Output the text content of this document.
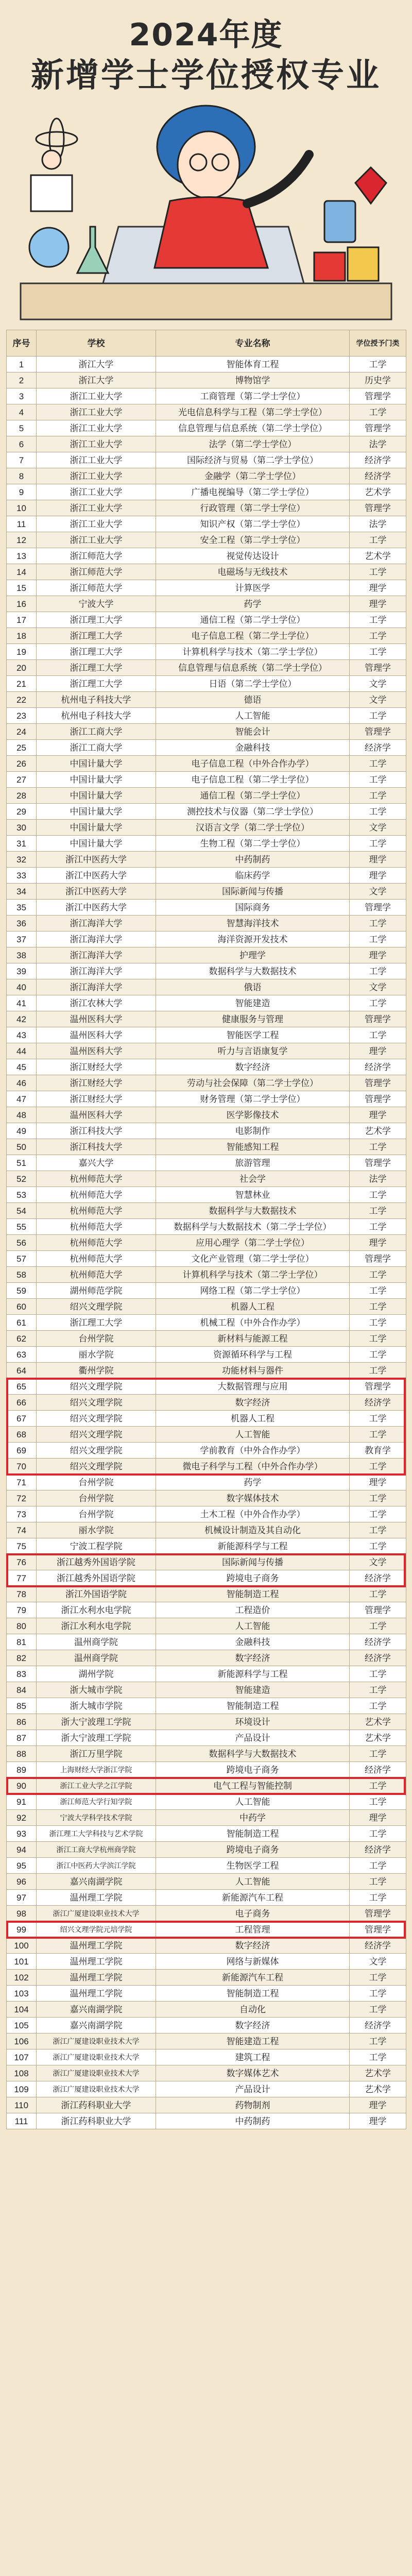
2024年度
新增学士学位授权专业
序号	学校	专业名称	学位授予门类
1	浙江大学	智能体育工程	工学
2	浙江大学	博物馆学	历史学
3	浙江工业大学	工商管理（第二学士学位）	管理学
4	浙江工业大学	光电信息科学与工程（第二学士学位）	工学
5	浙江工业大学	信息管理与信息系统（第二学士学位）	管理学
6	浙江工业大学	法学（第二学士学位）	法学
7	浙江工业大学	国际经济与贸易（第二学士学位）	经济学
8	浙江工业大学	金融学（第二学士学位）	经济学
9	浙江工业大学	广播电视编导（第二学士学位）	艺术学
10	浙江工业大学	行政管理（第二学士学位）	管理学
11	浙江工业大学	知识产权（第二学士学位）	法学
12	浙江工业大学	安全工程（第二学士学位）	工学
13	浙江师范大学	视觉传达设计	艺术学
14	浙江师范大学	电磁场与无线技术	工学
15	浙江师范大学	计算医学	理学
16	宁波大学	药学	理学
17	浙江理工大学	通信工程（第二学士学位）	工学
18	浙江理工大学	电子信息工程（第二学士学位）	工学
19	浙江理工大学	计算机科学与技术（第二学士学位）	工学
20	浙江理工大学	信息管理与信息系统（第二学士学位）	管理学
21	浙江理工大学	日语（第二学士学位）	文学
22	杭州电子科技大学	德语	文学
23	杭州电子科技大学	人工智能	工学
24	浙江工商大学	智能会计	管理学
25	浙江工商大学	金融科技	经济学
26	中国计量大学	电子信息工程（中外合作办学）	工学
27	中国计量大学	电子信息工程（第二学士学位）	工学
28	中国计量大学	通信工程（第二学士学位）	工学
29	中国计量大学	测控技术与仪器（第二学士学位）	工学
30	中国计量大学	汉语言文学（第二学士学位）	文学
31	中国计量大学	生物工程（第二学士学位）	工学
32	浙江中医药大学	中药制药	理学
33	浙江中医药大学	临床药学	理学
34	浙江中医药大学	国际新闻与传播	文学
35	浙江中医药大学	国际商务	管理学
36	浙江海洋大学	智慧海洋技术	工学
37	浙江海洋大学	海洋资源开发技术	工学
38	浙江海洋大学	护理学	理学
39	浙江海洋大学	数据科学与大数据技术	工学
40	浙江海洋大学	俄语	文学
41	浙江农林大学	智能建造	工学
42	温州医科大学	健康服务与管理	管理学
43	温州医科大学	智能医学工程	工学
44	温州医科大学	听力与言语康复学	理学
45	浙江财经大学	数字经济	经济学
46	浙江财经大学	劳动与社会保障（第二学士学位）	管理学
47	浙江财经大学	财务管理（第二学士学位）	管理学
48	温州医科大学	医学影像技术	理学
49	浙江科技大学	电影制作	艺术学
50	浙江科技大学	智能感知工程	工学
51	嘉兴大学	旅游管理	管理学
52	杭州师范大学	社会学	法学
53	杭州师范大学	智慧林业	工学
54	杭州师范大学	数据科学与大数据技术	工学
55	杭州师范大学	数据科学与大数据技术（第二学士学位）	工学
56	杭州师范大学	应用心理学（第二学士学位）	理学
57	杭州师范大学	文化产业管理（第二学士学位）	管理学
58	杭州师范大学	计算机科学与技术（第二学士学位）	工学
59	湖州师范学院	网络工程（第二学士学位）	工学
60	绍兴文理学院	机器人工程	工学
61	浙江理工大学	机械工程（中外合作办学）	工学
62	台州学院	新材料与能源工程	工学
63	丽水学院	资源循环科学与工程	工学
64	衢州学院	功能材料与器件	工学
65	绍兴文理学院	大数据管理与应用	管理学
66	绍兴文理学院	数字经济	经济学
67	绍兴文理学院	机器人工程	工学
68	绍兴文理学院	人工智能	工学
69	绍兴文理学院	学前教育（中外合作办学）	教育学
70	绍兴文理学院	微电子科学与工程（中外合作办学）	工学
71	台州学院	药学	理学
72	台州学院	数字媒体技术	工学
73	台州学院	土木工程（中外合作办学）	工学
74	丽水学院	机械设计制造及其自动化	工学
75	宁波工程学院	新能源科学与工程	工学
76	浙江越秀外国语学院	国际新闻与传播	文学
77	浙江越秀外国语学院	跨境电子商务	经济学
78	浙江外国语学院	智能制造工程	工学
79	浙江水利水电学院	工程造价	管理学
80	浙江水利水电学院	人工智能	工学
81	温州商学院	金融科技	经济学
82	温州商学院	数字经济	经济学
83	湖州学院	新能源科学与工程	工学
84	浙大城市学院	智能建造	工学
85	浙大城市学院	智能制造工程	工学
86	浙大宁波理工学院	环境设计	艺术学
87	浙大宁波理工学院	产品设计	艺术学
88	浙江万里学院	数据科学与大数据技术	工学
89	上海财经大学浙江学院	跨境电子商务	经济学
90	浙江工业大学之江学院	电气工程与智能控制	工学
91	浙江师范大学行知学院	人工智能	工学
92	宁波大学科学技术学院	中药学	理学
93	浙江理工大学科技与艺术学院	智能制造工程	工学
94	浙江工商大学杭州商学院	跨境电子商务	经济学
95	浙江中医药大学滨江学院	生物医学工程	工学
96	嘉兴南湖学院	人工智能	工学
97	温州理工学院	新能源汽车工程	工学
98	浙江广厦建设职业技术大学	电子商务	管理学
99	绍兴文理学院元培学院	工程管理	管理学
100	温州理工学院	数字经济	经济学
101	温州理工学院	网络与新媒体	文学
102	温州理工学院	新能源汽车工程	工学
103	温州理工学院	智能制造工程	工学
104	嘉兴南湖学院	自动化	工学
105	嘉兴南湖学院	数字经济	经济学
106	浙江广厦建设职业技术大学	智能建造工程	工学
107	浙江广厦建设职业技术大学	建筑工程	工学
108	浙江广厦建设职业技术大学	数字媒体艺术	艺术学
109	浙江广厦建设职业技术大学	产品设计	艺术学
110	浙江药科职业大学	药物制剂	理学
111	浙江药科职业大学	中药制药	理学
